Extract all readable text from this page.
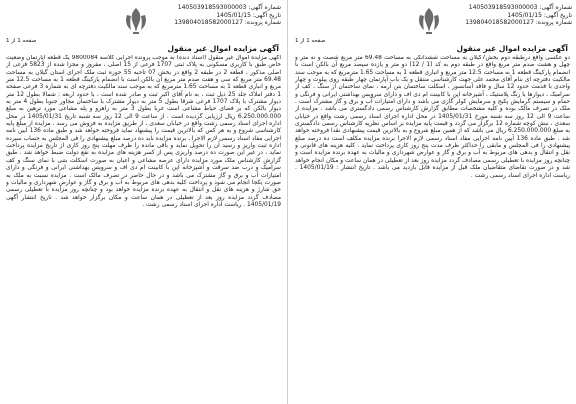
شماره آگهی: 140503918593000003
تاریخ آگهی: 1405/01/15
شماره پرونده: 139804018582000127
صفحه 1 از 1
آگهی مزایده اموال غیر منقول
آگهی مزایده اموال غیر منقول (اسناد دنده) به موجب پرونده اجرایی کلاسه 9800084 یک قطعه آپارتمان وضعیت خاص طبق با کاربری مسکونی به پلاک ثبتی 1707 فرعی از 15 اصلی ، مفروز و مجزا شده از 5823 فرعی از اصلی مذکور ، قطعه 2 در طبقه 2 واقع در بخش 07 تاحیه 55 حوزه ثبت ملک اجرای استان گیلان به مساحت 69.48 متر مربع که سی و هفت صدم متر مربع آن بالکن است با انضمام پارکینگ قطعه 1 به مساحت 12.5 متر مربع و انباری قطعه 1 به مساحت 1.65 مترمربع که به موجب سند مالکیت دفترچه ای به شماره 3 فرعی صفحه 1 دفتر املاک جلد 25 ذیل ثبت ، به نام آقای اکبر ثبت و صادر شده است ، با حدود اربعه : شمالا بطول 12 متر دیوار مشترک با پلاک 1707 فرعی شرقا بطول 5 متر به دیوار مشترک با ساختمان مجاور جنوبا بطول 4 متر به دیوار بالکن که بر فضای حیاط مشاعی است غربا بطول 3 متر به راهرو و پله مشاعی مورد ترهین به مبلغ 6.250.000.000 ریال ارزیابی گردیده است . از ساعت 9 الی 12 روز سه شنبه تاریخ 1405/01/31 در محل اداره اجرای اسناد رسمی رشت واقع در خیابان سعدی ، از طریق مزایده به فروش می رسد . مزایده از مبلغ پایه کارشناسی شروع و به هر کس که بالاترین قیمت را پیشنهاد نماید فروخته خواهد شد و طبق ماده 136 آیین نامه اجرایی مفاد اسناد رسمی لازم الاجرا ، برنده مزایده باید ده درصد مبلغ پیشنهادی را فی المجلس به حساب سپرده اداره ثبت واریز و رسید آن را تحویل نماید و باقی مانده را ظرف مهلت پنج روز کاری از تاریخ مزایده پرداخت نماید ، در غیر این صورت ده درصد واریزی پس از کسر هزینه های مزایده به نفع دولت ضبط خواهد شد . طبق گزارش کارشناس ملک مورد مزایده دارای عرصه مشاعی و اعیان به صورت اسکلت بتنی با نمای سنگ و کف سرامیک و درب ضد سرقت و آشپزخانه اپن با کابینت ام دی اف و سرویس بهداشتی ایرانی و فرنگی و دارای امتیازات آب و برق و گاز مشترک می باشد و در حال حاضر در تصرف مالک است . مزایده نسبت به ملک به صورت یکجا انجام می شود و پرداخت کلیه بدهی های مربوط به آب و برق و گاز و عوارض شهرداری و مالیات و حق شارژ و هزینه های نقل و انتقال به عهده برنده مزایده خواهد بود و چنانچه روز مزایده با تعطیلی رسمی مصادف گردد مزایده روز بعد از تعطیلی در همان ساعت و مکان برگزار خواهد شد . تاریخ انتشار آگهی 1405/01/19 . ریاست اداره اجرای اسناد رسمی رشت .
شماره آگهی: 140503918593000003
تاریخ آگهی: 1405/01/15
شماره پرونده: 139804018582000127
صفحه 1 از 1
آگهی مزایده اموال غیر منقول
دو عکسی واقع درطبقه دوم بخش7گیلان به مساحت ششدانگی به مساحت 69.48 متر مربع شصت و نه متر و چهل و هشت صدم متر مربع واقع در طبقه دوم به کد (1 / 12) دو متر و یازده سیصد مربع آن بالکن است با انضمام پارکینگ قطعه 1 به مساحت 12.5 متر مربع و انباری قطعه 1 به مساحت 1.65 مترمربع که به موجب سند مالکیت دفترچه ای بنام آقای محمد علی جهت کارشناسی منتقل و یک باب آپارتمان چهار طبقه روی پیلوت و چهار واحدی با قدمت حدود 12 سال و فاقد آسانسور ، اسکلت ساختمان بتن آرمه ، نمای ساختمان از سنگ ، کف از سرامیک ، دیوارها با رنگ پلاستیک ، آشپزخانه اپن با کابینت ام دی اف و دارای سرویس بهداشتی ایرانی و فرنگی و حمام و سیستم گرمایش پکیج و سرمایش کولر گازی می باشد و دارای امتیازات آب و برق و گاز مشترک است . ملک در تصرف مالک بوده و کلیه مشخصات مطابق گزارش کارشناس رسمی دادگستری می باشد . مزایده از ساعت 9 الی 12 روز سه شنبه مورخ 1405/01/31 در محل اداره اجرای اسناد رسمی رشت واقع در خیابان سعدی ، نبش کوچه شماره 12 برگزار می گردد و قیمت پایه مزایده بر اساس نظریه کارشناس رسمی دادگستری به مبلغ 6.250.000.000 ریال می باشد که از همین مبلغ شروع و به بالاترین قیمت پیشنهادی نقدا فروخته خواهد شد . طبق ماده 136 آیین نامه اجرایی مفاد اسناد رسمی لازم الاجرا برنده مزایده مکلف است ده درصد مبلغ پیشنهادی را فی المجلس و مابقی را حداکثر ظرف مدت پنج روز کاری پرداخت نماید . کلیه هزینه های قانونی و نقل و انتقال و بدهی های مربوط به آب و برق و گاز و عوارض شهرداری و مالیات به عهده برنده مزایده است و چنانچه روز مزایده با تعطیلی رسمی مصادف گردد مزایده روز بعد از تعطیلی در همان ساعت و مکان انجام خواهد شد و در صورت تقاضای متقاضیان ملک قبل از مزایده قابل بازدید می باشد . تاریخ انتشار : 1405/01/19 . ریاست اداره اجرای اسناد رسمی رشت .
